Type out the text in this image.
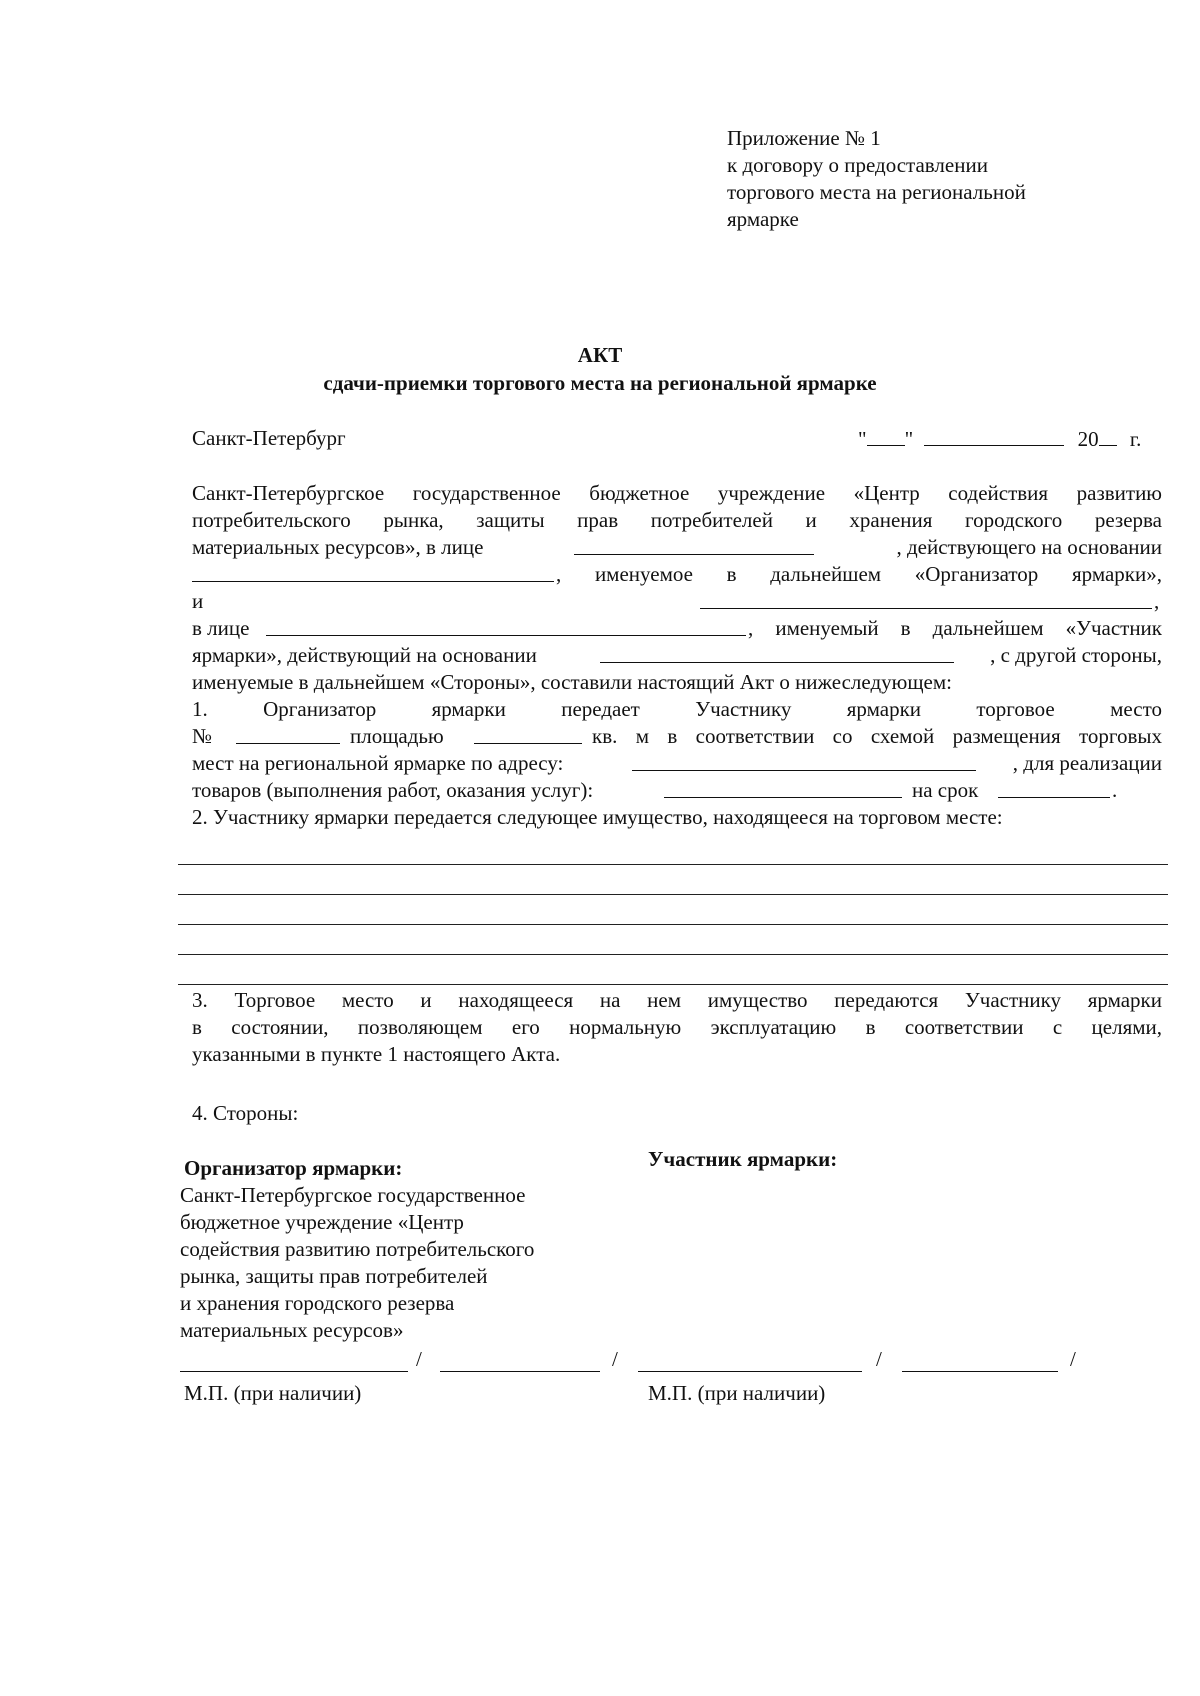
Приложение № 1
к договору о предоставлении
торгового места на региональной
ярмарке
АКТ
сдачи-приемки торгового места на региональной ярмарке
Санкт-Петербург	" "	20 г.
Санкт-Петербургское государственное бюджетное учреждение «Центр содействия развитию
потребительского рынка, защиты прав потребителей и хранения городского резерва
материальных ресурсов», в лице	, действующего на основании
, именуемое в дальнейшем «Организатор ярмарки»,
и	,
в лице	, именуемый в дальнейшем «Участник
ярмарки», действующий на основании	, с другой стороны,
именуемые в дальнейшем «Стороны», составили настоящий Акт о нижеследующем:
1. Организатор ярмарки передает Участнику ярмарки торговое место
№	площадью	кв. м в соответствии со схемой размещения торговых
мест на региональной ярмарке по адресу:	, для реализации
товаров (выполнения работ, оказания услуг):	на срок	.
2. Участнику ярмарки передается следующее имущество, находящееся на торговом месте:
3. Торговое место и находящееся на нем имущество передаются Участнику ярмарки
в состоянии, позволяющем его нормальную эксплуатацию в соответствии с целями,
указанными в пункте 1 настоящего Акта.
4. Стороны:
Организатор ярмарки:
Санкт-Петербургское государственное
бюджетное учреждение «Центр
содействия развитию потребительского
рынка, защиты прав потребителей
и хранения городского резерва
материальных ресурсов»
Участник ярмарки:
/	/	/	/
М.П. (при наличии)	М.П. (при наличии)
